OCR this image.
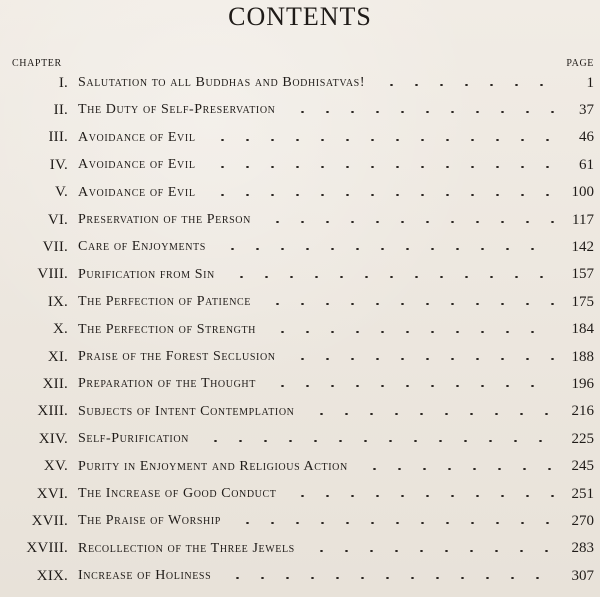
CONTENTS
CHAPTER	PAGE
I. Salutation to all Buddhas and Bodhisatvas!	1
II. The Duty of Self-Preservation	37
III. Avoidance of Evil	46
IV. Avoidance of Evil	61
V. Avoidance of Evil	100
VI. Preservation of the Person	117
VII. Care of Enjoyments	142
VIII. Purification from Sin	157
IX. The Perfection of Patience	175
X. The Perfection of Strength	184
XI. Praise of the Forest Seclusion	188
XII. Preparation of the Thought	196
XIII. Subjects of Intent Contemplation	216
XIV. Self-Purification	225
XV. Purity in Enjoyment and Religious Action	245
XVI. The Increase of Good Conduct	251
XVII. The Praise of Worship	270
XVIII. Recollection of the Three Jewels	283
XIX. Increase of Holiness	307
